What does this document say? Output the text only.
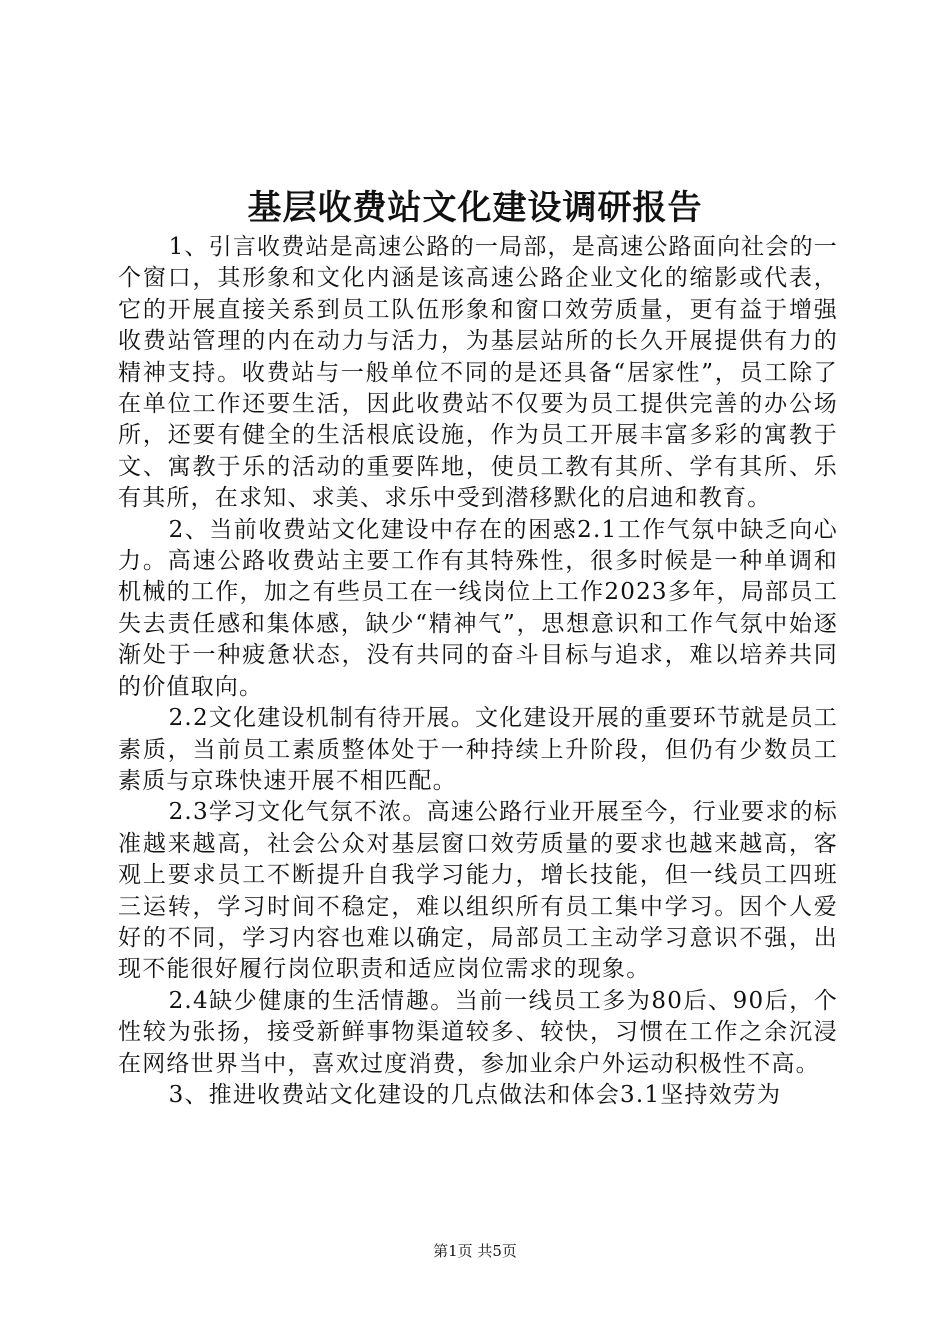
基层收费站文化建设调研报告

1、引言收费站是高速公路的一局部，是高速公路面向社会的一个窗口，其形象和文化内涵是该高速公路企业文化的缩影或代表，它的开展直接关系到员工队伍形象和窗口效劳质量，更有益于增强收费站管理的内在动力与活力，为基层站所的长久开展提供有力的精神支持。收费站与一般单位不同的是还具备“居家性”，员工除了在单位工作还要生活，因此收费站不仅要为员工提供完善的办公场所，还要有健全的生活根底设施，作为员工开展丰富多彩的寓教于文、寓教于乐的活动的重要阵地，使员工教有其所、学有其所、乐有其所，在求知、求美、求乐中受到潜移默化的启迪和教育。

2、当前收费站文化建设中存在的困惑2.1工作气氛中缺乏向心力。高速公路收费站主要工作有其特殊性，很多时候是一种单调和机械的工作，加之有些员工在一线岗位上工作2023多年，局部员工失去责任感和集体感，缺少“精神气”，思想意识和工作气氛中始逐渐处于一种疲惫状态，没有共同的奋斗目标与追求，难以培养共同的价值取向。

2.2文化建设机制有待开展。文化建设开展的重要环节就是员工素质，当前员工素质整体处于一种持续上升阶段，但仍有少数员工素质与京珠快速开展不相匹配。

2.3学习文化气氛不浓。高速公路行业开展至今，行业要求的标准越来越高，社会公众对基层窗口效劳质量的要求也越来越高，客观上要求员工不断提升自我学习能力，增长技能，但一线员工四班三运转，学习时间不稳定，难以组织所有员工集中学习。因个人爱好的不同，学习内容也难以确定，局部员工主动学习意识不强，出现不能很好履行岗位职责和适应岗位需求的现象。

2.4缺少健康的生活情趣。当前一线员工多为80后、90后，个性较为张扬，接受新鲜事物渠道较多、较快，习惯在工作之余沉浸在网络世界当中，喜欢过度消费，参加业余户外运动积极性不高。

3、推进收费站文化建设的几点做法和体会3.1坚持效劳为

第1页 共5页
